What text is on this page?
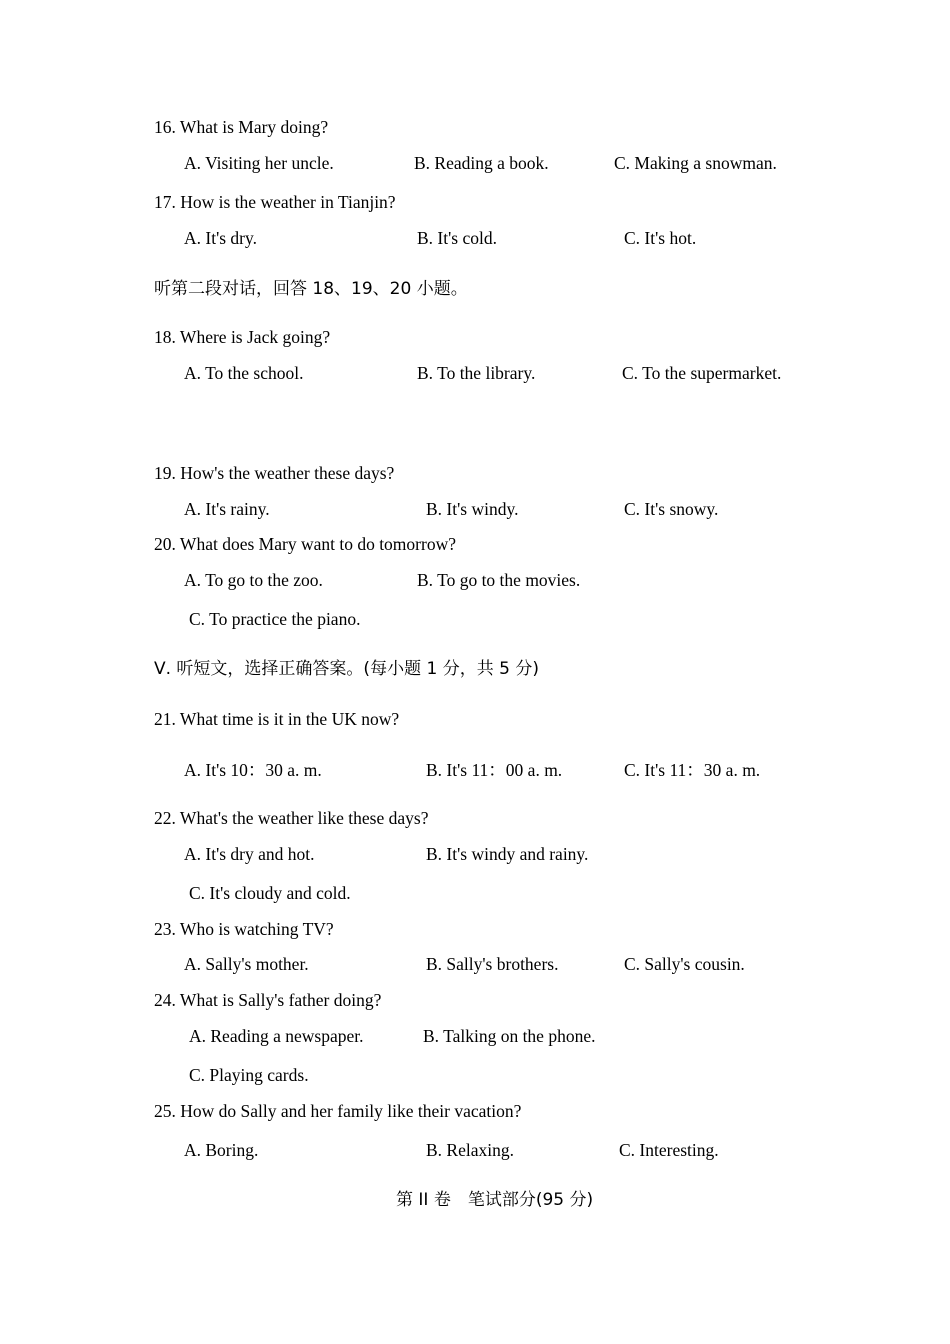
16. What is Mary doing?
A. Visiting her uncle.	B. Reading a book.	C. Making a snowman.
17. How is the weather in Tianjin?
A. It's dry.	B. It's cold.	C. It's hot.
听第二段对话，回答 18、19、20 小题。
18. Where is Jack going?
A. To the school.	B. To the library.	C. To the supermarket.
19. How's the weather these days?
A. It's rainy.	B. It's windy.	C. It's snowy.
20. What does Mary want to do tomorrow?
A. To go to the zoo.	B. To go to the movies.
C. To practice the piano.
Ⅴ. 听短文，选择正确答案。(每小题 1 分，共 5 分)
21. What time is it in the UK now?
A. It's 10：30 a. m.	B. It's 11：00 a. m.	C. It's 11：30 a. m.
22. What's the weather like these days?
A. It's dry and hot.	B. It's windy and rainy.
C. It's cloudy and cold.
23. Who is watching TV?
A. Sally's mother.	B. Sally's brothers.	C. Sally's cousin.
24. What is Sally's father doing?
A. Reading a newspaper.	B. Talking on the phone.
C. Playing cards.
25. How do Sally and her family like their vacation?
A. Boring.	B. Relaxing.	C. Interesting.
第 II 卷　笔试部分(95 分)
